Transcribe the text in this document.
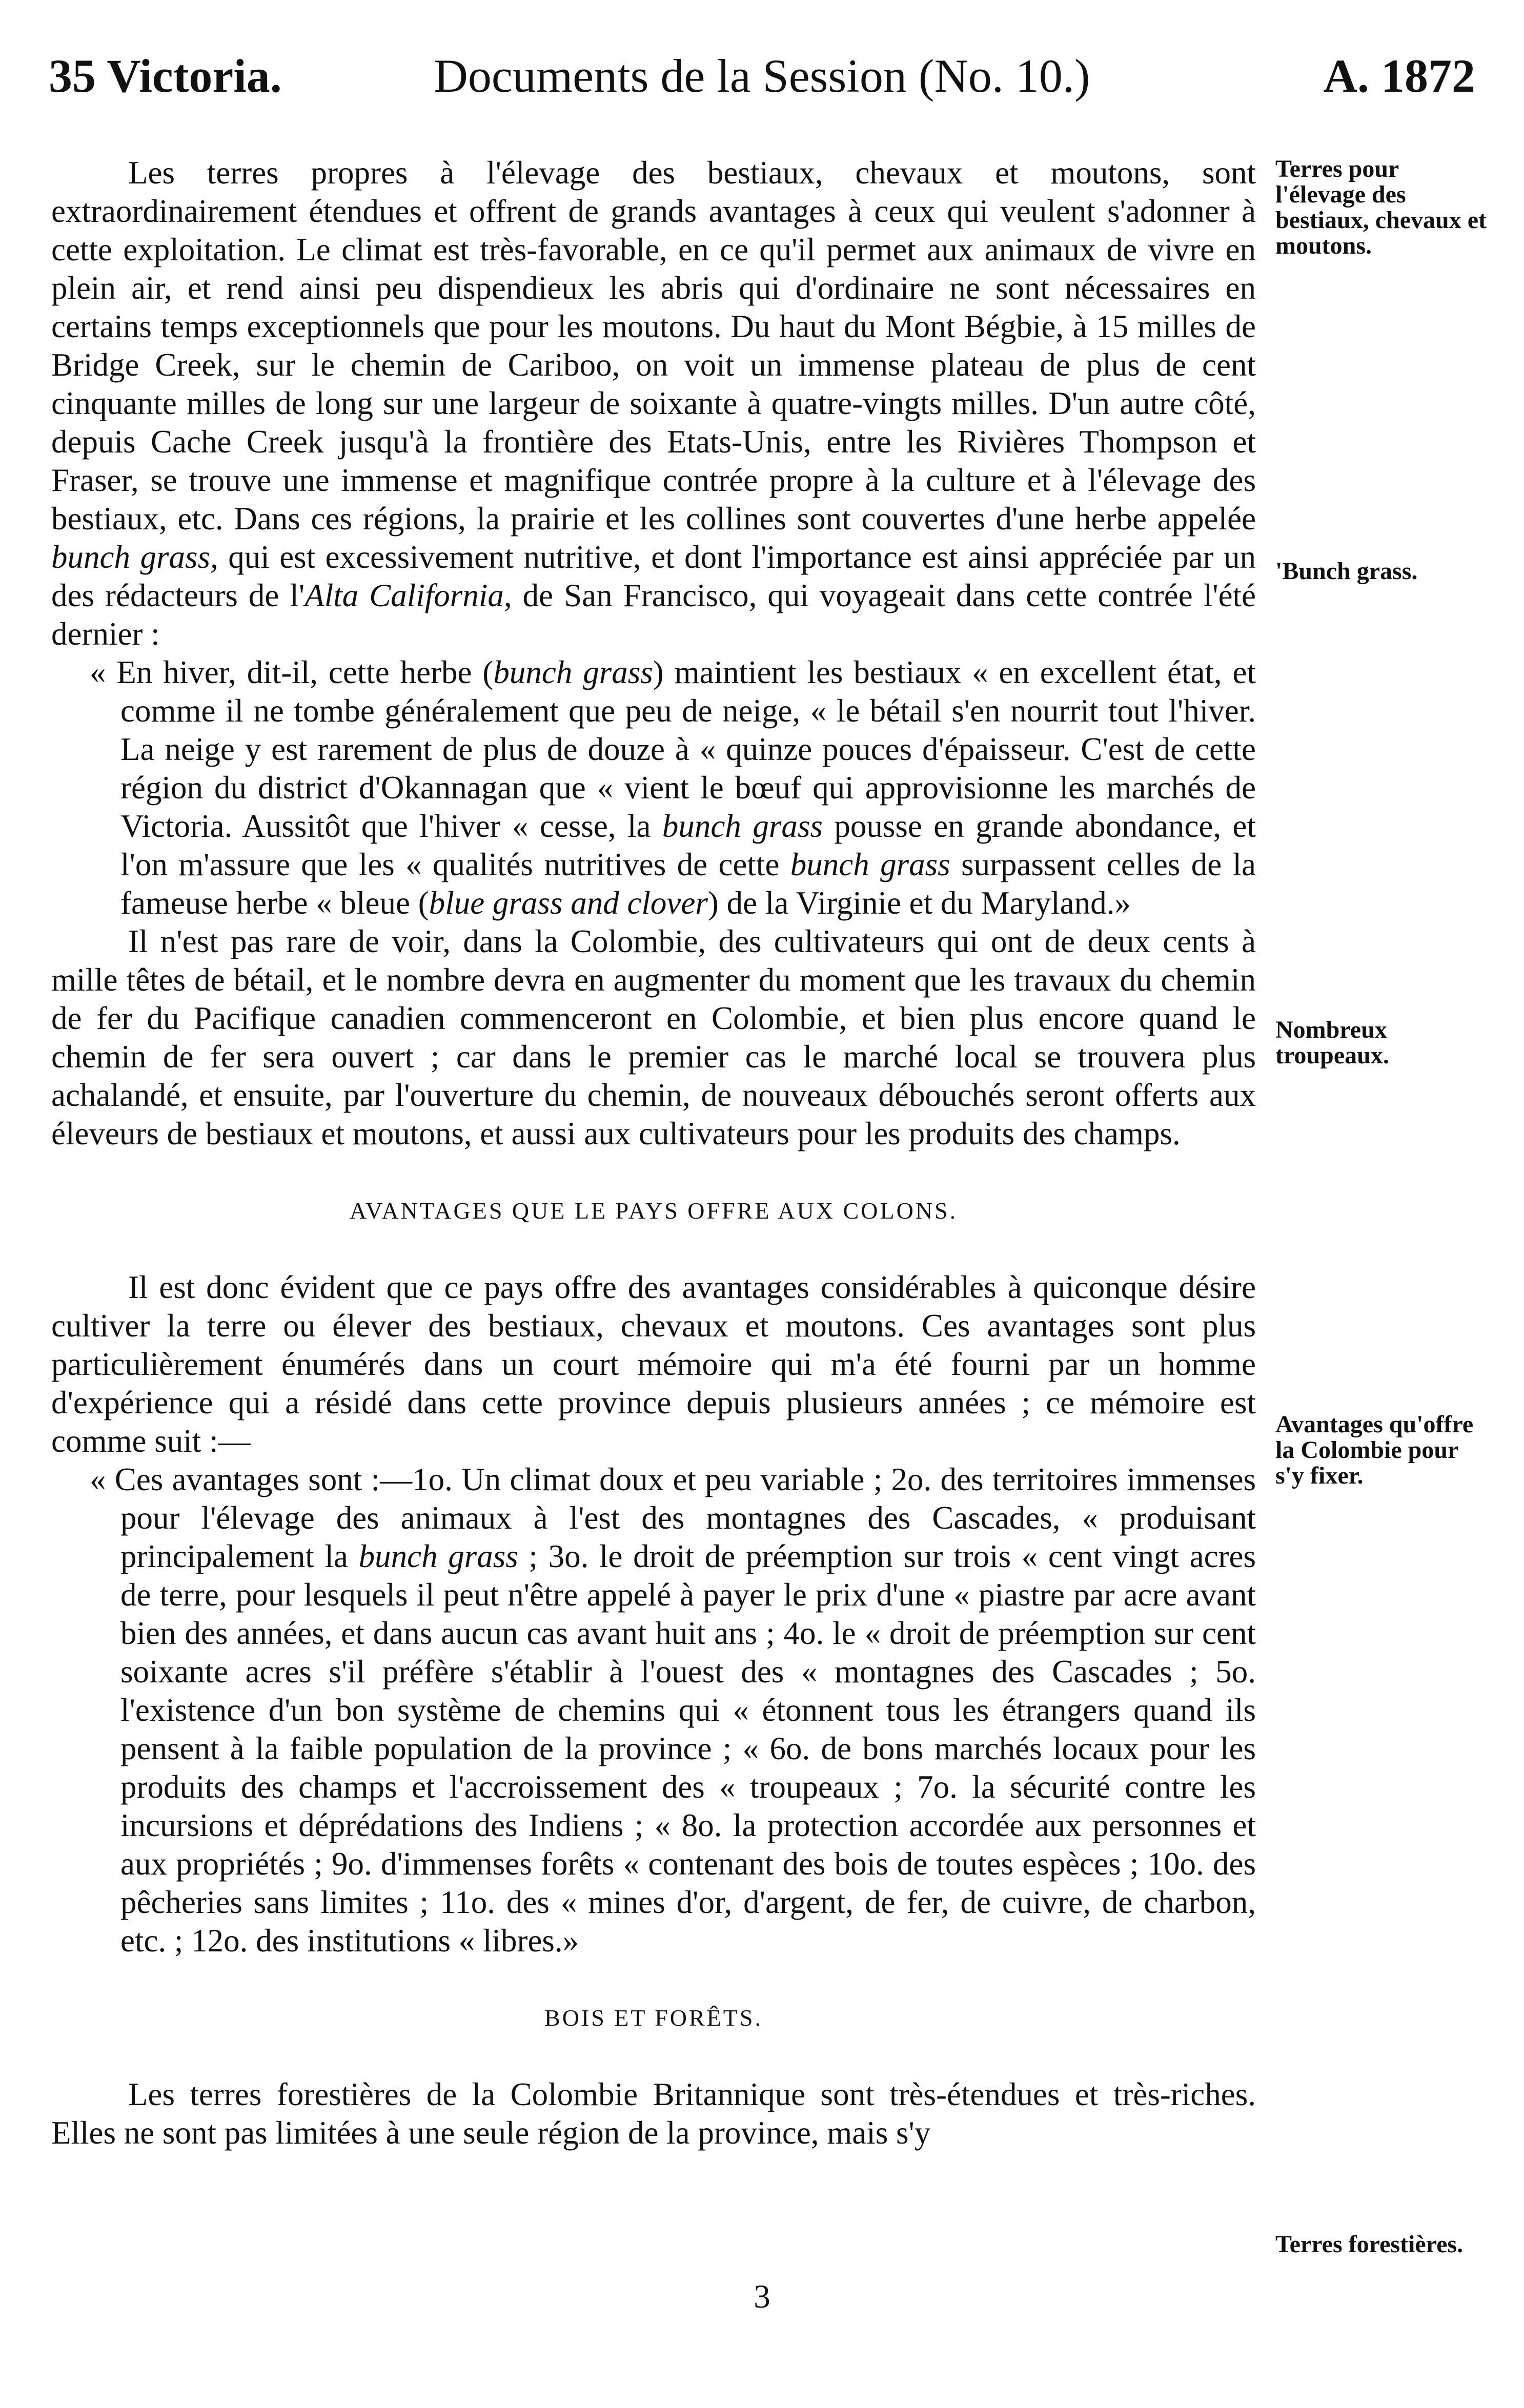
35 Victoria.	Documents de la Session (No. 10.)	A. 1872

Les terres propres à l'élevage des bestiaux, chevaux et moutons, sont extraordinairement étendues et offrent de grands avantages à ceux qui veulent s'adonner à cette exploitation. Le climat est très-favorable, en ce qu'il permet aux animaux de vivre en plein air, et rend ainsi peu dispendieux les abris qui d'ordinaire ne sont nécessaires en certains temps exceptionnels que pour les moutons. Du haut du Mont Bégbie, à 15 milles de Bridge Creek, sur le chemin de Cariboo, on voit un immense plateau de plus de cent cinquante milles de long sur une largeur de soixante à quatre-vingts milles. D'un autre côté, depuis Cache Creek jusqu'à la frontière des Etats-Unis, entre les Rivières Thompson et Fraser, se trouve une immense et magnifique contrée propre à la culture et à l'élevage des bestiaux, etc. Dans ces régions, la prairie et les collines sont couvertes d'une herbe appelée bunch grass, qui est excessivement nutritive, et dont l'importance est ainsi appréciée par un des rédacteurs de l'Alta California, de San Francisco, qui voyageait dans cette contrée l'été dernier :

« En hiver, dit-il, cette herbe (bunch grass) maintient les bestiaux « en excellent état, et comme il ne tombe généralement que peu de neige, « le bétail s'en nourrit tout l'hiver. La neige y est rarement de plus de douze à « quinze pouces d'épaisseur. C'est de cette région du district d'Okannagan que « vient le bœuf qui approvisionne les marchés de Victoria. Aussitôt que l'hiver « cesse, la bunch grass pousse en grande abondance, et l'on m'assure que les « qualités nutritives de cette bunch grass surpassent celles de la fameuse herbe « bleue (blue grass and clover) de la Virginie et du Maryland.»

Il n'est pas rare de voir, dans la Colombie, des cultivateurs qui ont de deux cents à mille têtes de bétail, et le nombre devra en augmenter du moment que les travaux du chemin de fer du Pacifique canadien commenceront en Colombie, et bien plus encore quand le chemin de fer sera ouvert ; car dans le premier cas le marché local se trouvera plus achalandé, et ensuite, par l'ouverture du chemin, de nouveaux débouchés seront offerts aux éleveurs de bestiaux et moutons, et aussi aux cultivateurs pour les produits des champs.

AVANTAGES QUE LE PAYS OFFRE AUX COLONS.

Il est donc évident que ce pays offre des avantages considérables à quiconque désire cultiver la terre ou élever des bestiaux, chevaux et moutons. Ces avantages sont plus particulièrement énumérés dans un court mémoire qui m'a été fourni par un homme d'expérience qui a résidé dans cette province depuis plusieurs années ; ce mémoire est comme suit :—

« Ces avantages sont :—1o. Un climat doux et peu variable ; 2o. des territoires immenses pour l'élevage des animaux à l'est des montagnes des Cascades, « produisant principalement la bunch grass ; 3o. le droit de préemption sur trois « cent vingt acres de terre, pour lesquels il peut n'être appelé à payer le prix d'une « piastre par acre avant bien des années, et dans aucun cas avant huit ans ; 4o. le « droit de préemption sur cent soixante acres s'il préfère s'établir à l'ouest des « montagnes des Cascades ; 5o. l'existence d'un bon système de chemins qui « étonnent tous les étrangers quand ils pensent à la faible population de la province ; « 6o. de bons marchés locaux pour les produits des champs et l'accroissement des « troupeaux ; 7o. la sécurité contre les incursions et déprédations des Indiens ; « 8o. la protection accordée aux personnes et aux propriétés ; 9o. d'immenses forêts « contenant des bois de toutes espèces ; 10o. des pêcheries sans limites ; 11o. des « mines d'or, d'argent, de fer, de cuivre, de charbon, etc. ; 12o. des institutions « libres.»

BOIS ET FORÊTS.

Les terres forestières de la Colombie Britannique sont très-étendues et très-riches. Elles ne sont pas limitées à une seule région de la province, mais s'y

Terres pour l'élevage des bestiaux, chevaux et moutons.
'Bunch grass.
Nombreux troupeaux.
Avantages qu'offre la Colombie pour s'y fixer.
Terres forestières.
3
